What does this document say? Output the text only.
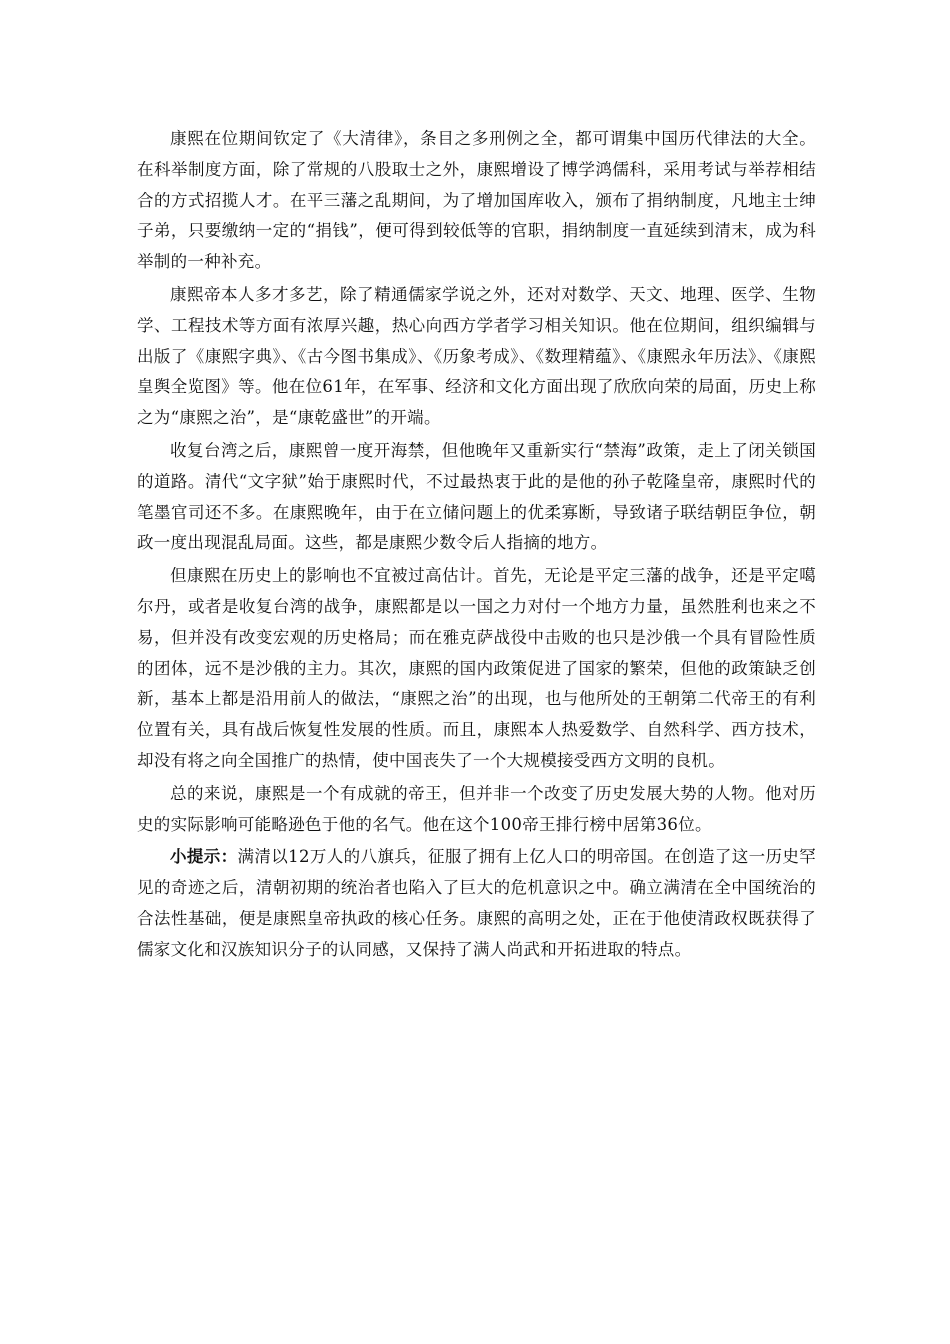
康熙在位期间钦定了《大清律》，条目之多刑例之全，都可谓集中国历代律法的大全。在科举制度方面，除了常规的八股取士之外，康熙增设了博学鸿儒科，采用考试与举荐相结合的方式招揽人才。在平三藩之乱期间，为了增加国库收入，颁布了捐纳制度，凡地主士绅子弟，只要缴纳一定的“捐钱”，便可得到较低等的官职，捐纳制度一直延续到清末，成为科举制的一种补充。

康熙帝本人多才多艺，除了精通儒家学说之外，还对对数学、天文、地理、医学、生物学、工程技术等方面有浓厚兴趣，热心向西方学者学习相关知识。他在位期间，组织编辑与出版了《康熙字典》、《古今图书集成》、《历象考成》、《数理精蕴》、《康熙永年历法》、《康熙皇舆全览图》等。他在位61年，在军事、经济和文化方面出现了欣欣向荣的局面，历史上称之为“康熙之治”，是“康乾盛世”的开端。

收复台湾之后，康熙曾一度开海禁，但他晚年又重新实行“禁海”政策，走上了闭关锁国的道路。清代“文字狱”始于康熙时代，不过最热衷于此的是他的孙子乾隆皇帝，康熙时代的笔墨官司还不多。在康熙晚年，由于在立储问题上的优柔寡断，导致诸子联结朝臣争位，朝政一度出现混乱局面。这些，都是康熙少数令后人指摘的地方。

但康熙在历史上的影响也不宜被过高估计。首先，无论是平定三藩的战争，还是平定噶尔丹，或者是收复台湾的战争，康熙都是以一国之力对付一个地方力量，虽然胜利也来之不易，但并没有改变宏观的历史格局；而在雅克萨战役中击败的也只是沙俄一个具有冒险性质的团体，远不是沙俄的主力。其次，康熙的国内政策促进了国家的繁荣，但他的政策缺乏创新，基本上都是沿用前人的做法，“康熙之治”的出现，也与他所处的王朝第二代帝王的有利位置有关，具有战后恢复性发展的性质。而且，康熙本人热爱数学、自然科学、西方技术，却没有将之向全国推广的热情，使中国丧失了一个大规模接受西方文明的良机。

总的来说，康熙是一个有成就的帝王，但并非一个改变了历史发展大势的人物。他对历史的实际影响可能略逊色于他的名气。他在这个100帝王排行榜中居第36位。

小提示：满清以12万人的八旗兵，征服了拥有上亿人口的明帝国。在创造了这一历史罕见的奇迹之后，清朝初期的统治者也陷入了巨大的危机意识之中。确立满清在全中国统治的合法性基础，便是康熙皇帝执政的核心任务。康熙的高明之处，正在于他使清政权既获得了儒家文化和汉族知识分子的认同感，又保持了满人尚武和开拓进取的特点。
